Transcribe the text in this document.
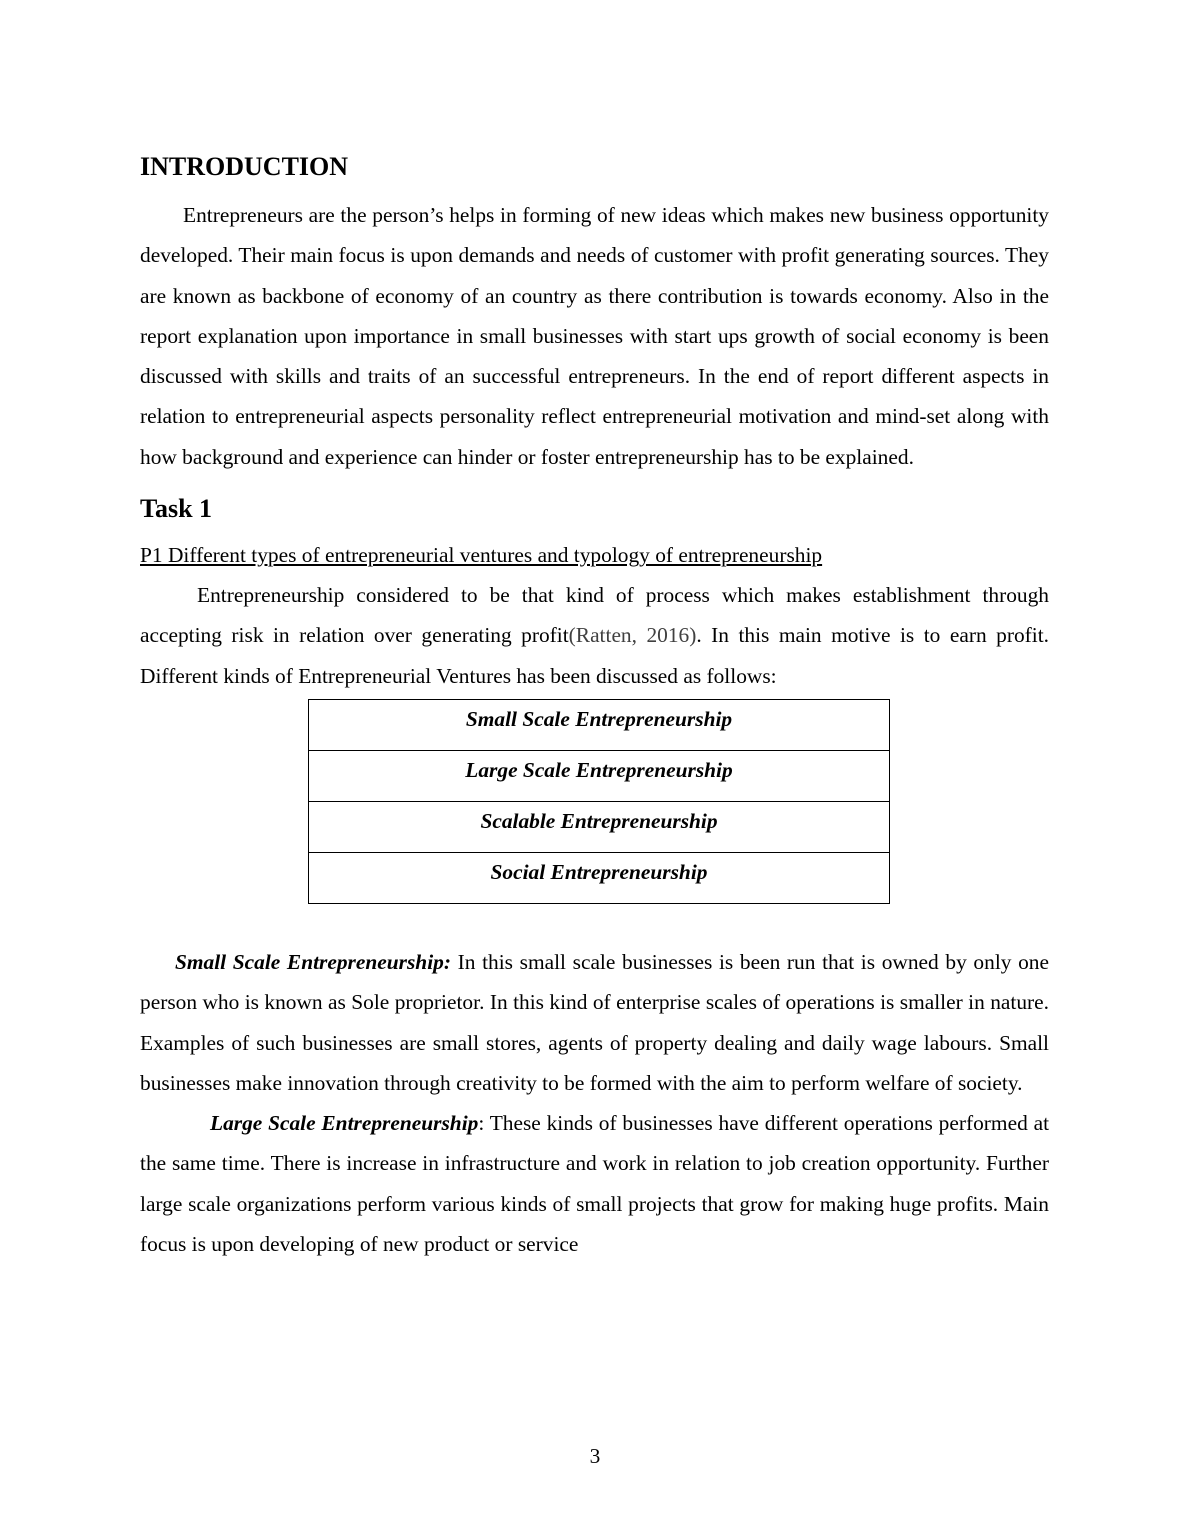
INTRODUCTION

Entrepreneurs are the person’s helps in forming of new ideas which makes new business opportunity developed. Their main focus is upon demands and needs of customer with profit generating sources. They are known as backbone of economy of an country as there contribution is towards economy. Also in the report explanation upon importance in small businesses with start ups growth of social economy is been discussed with skills and traits of an successful entrepreneurs. In the end of report different aspects in relation to entrepreneurial aspects personality reflect entrepreneurial motivation and mind-set along with how background and experience can hinder or foster entrepreneurship has to be explained.

Task 1
P1 Different types of entrepreneurial ventures and typology of entrepreneurship

Entrepreneurship considered to be that kind of process which makes establishment through accepting risk in relation over generating profit(Ratten, 2016). In this main motive is to earn profit. Different kinds of Entrepreneurial Ventures has been discussed as follows:

Small Scale Entrepreneurship
Large Scale Entrepreneurship
Scalable Entrepreneurship
Social Entrepreneurship

Small Scale Entrepreneurship: In this small scale businesses is been run that is owned by only one person who is known as Sole proprietor. In this kind of enterprise scales of operations is smaller in nature. Examples of such businesses are small stores, agents of property dealing and daily wage labours. Small businesses make innovation through creativity to be formed with the aim to perform welfare of society.

Large Scale Entrepreneurship: These kinds of businesses have different operations performed at the same time. There is increase in infrastructure and work in relation to job creation opportunity. Further large scale organizations perform various kinds of small projects that grow for making huge profits. Main focus is upon developing of new product or service

3
